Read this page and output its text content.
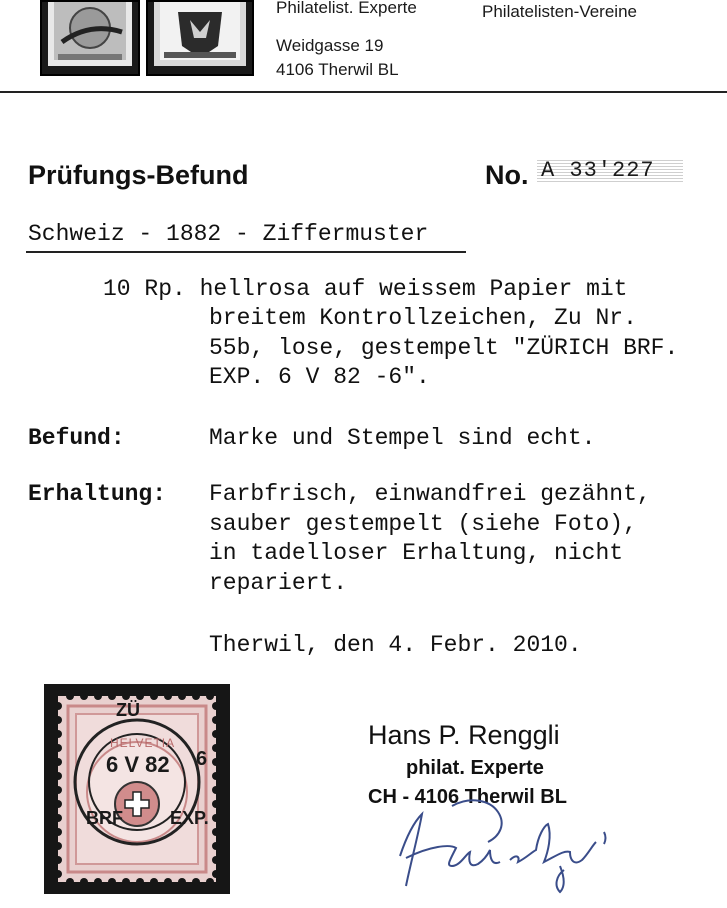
Philatelist. Experte
Weidgasse 19
4106 Therwil BL
Philatelisten-Vereine
Prüfungs-Befund	No. A 33'227
Schweiz - 1882 - Ziffermuster
10 Rp. hellrosa auf weissem Papier mit
breitem Kontrollzeichen, Zu Nr.
55b, lose, gestempelt "ZÜRICH BRF.
EXP. 6 V 82 -6".
Befund:	Marke und Stempel sind echt.
Erhaltung: Farbfrisch, einwandfrei gezähnt,
sauber gestempelt (siehe Foto),
in tadelloser Erhaltung, nicht
repariert.
Therwil, den 4. Febr. 2010.
HELVETIA
ZÜ
6 V 82 6
BRF	EXP.
Hans P. Renggli
philat. Experte
CH - 4106 Therwil BL
